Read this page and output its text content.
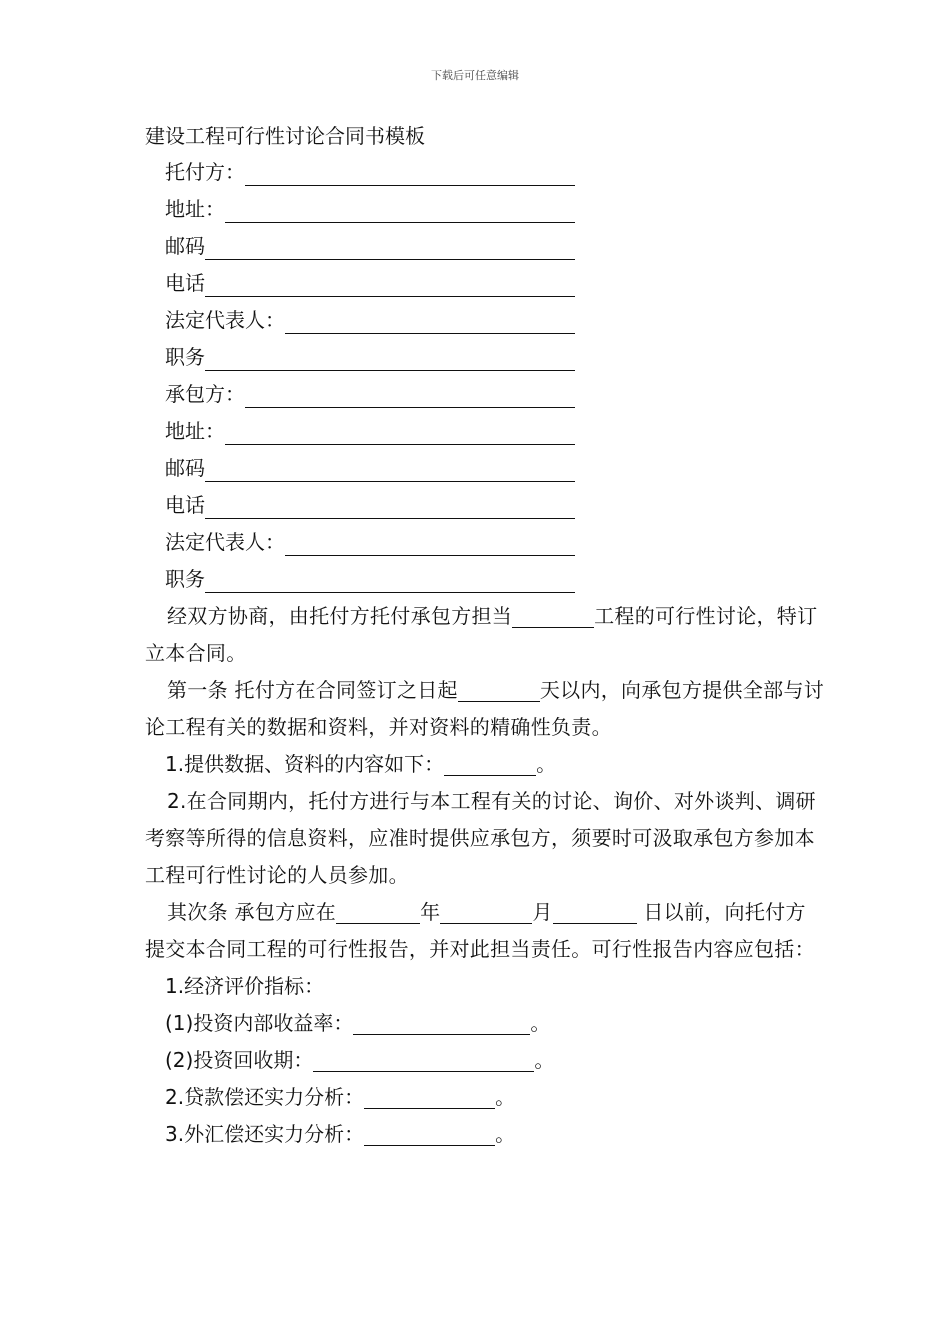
下载后可任意编辑
建设工程可行性讨论合同书模板
托付方：
地址：
邮码
电话
法定代表人：
职务
承包方：
地址：
邮码
电话
法定代表人：
职务

经双方协商，由托付方托付承包方担当	工程的可行性讨论，特订立本合同。

第一条 托付方在合同签订之日起	天以内，向承包方提供全部与讨论工程有关的数据和资料，并对资料的精确性负责。

1.提供数据、资料的内容如下：	。

2.在合同期内，托付方进行与本工程有关的讨论、询价、对外谈判、调研考察等所得的信息资料，应准时提供应承包方，须要时可汲取承包方参加本工程可行性讨论的人员参加。

其次条 承包方应在	年	月	日以前，向托付方提交本合同工程的可行性报告，并对此担当责任。可行性报告内容应包括：

1.经济评价指标：

(1)投资内部收益率：	。

(2)投资回收期：	。

2.贷款偿还实力分析：	。

3.外汇偿还实力分析：	。
